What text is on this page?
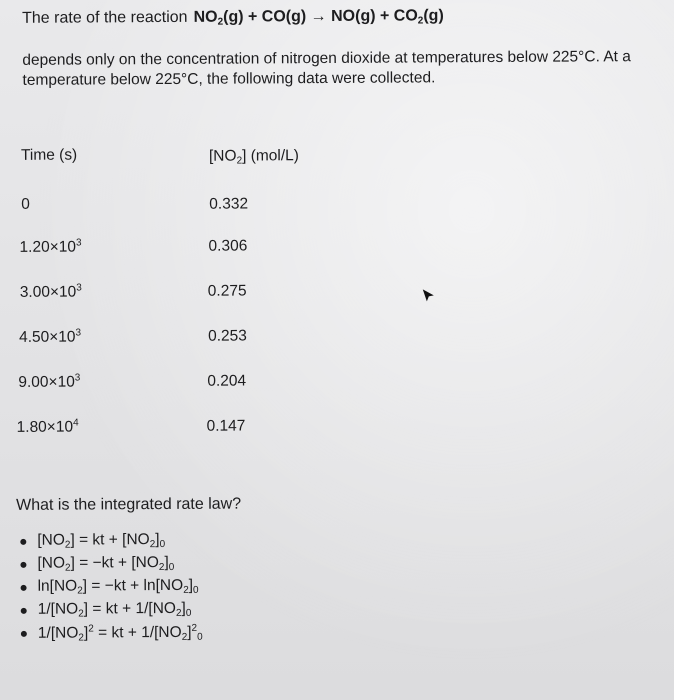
The rate of the reaction $NO_2(g) + CO(g) \to NO(g) + CO_2(g)$
depends only on the concentration of nitrogen dioxide at temperatures below 225°C. At a temperature below 225°C, the following data were collected.
Time (s)	$[NO_2]$ (mol/L)
0	0.332
$1.20\times 10^3$	0.306
$3.00\times 10^3$	0.275
$4.50\times 10^3$	0.253
$9.00\times 10^3$	0.204
$1.80\times 10^4$	0.147
What is the integrated rate law?
$[NO_2]$ = kt + $[NO_2]_0$
$[NO_2] = -kt + [NO_2]_0$
$\ln[NO_2] = -kt + \ln[NO_2]_0$
$1/[NO_2]$ = kt + $1/[NO_2]_0$
$1/[NO_2]^2$ = kt + $1/[NO_2]^2_0$
